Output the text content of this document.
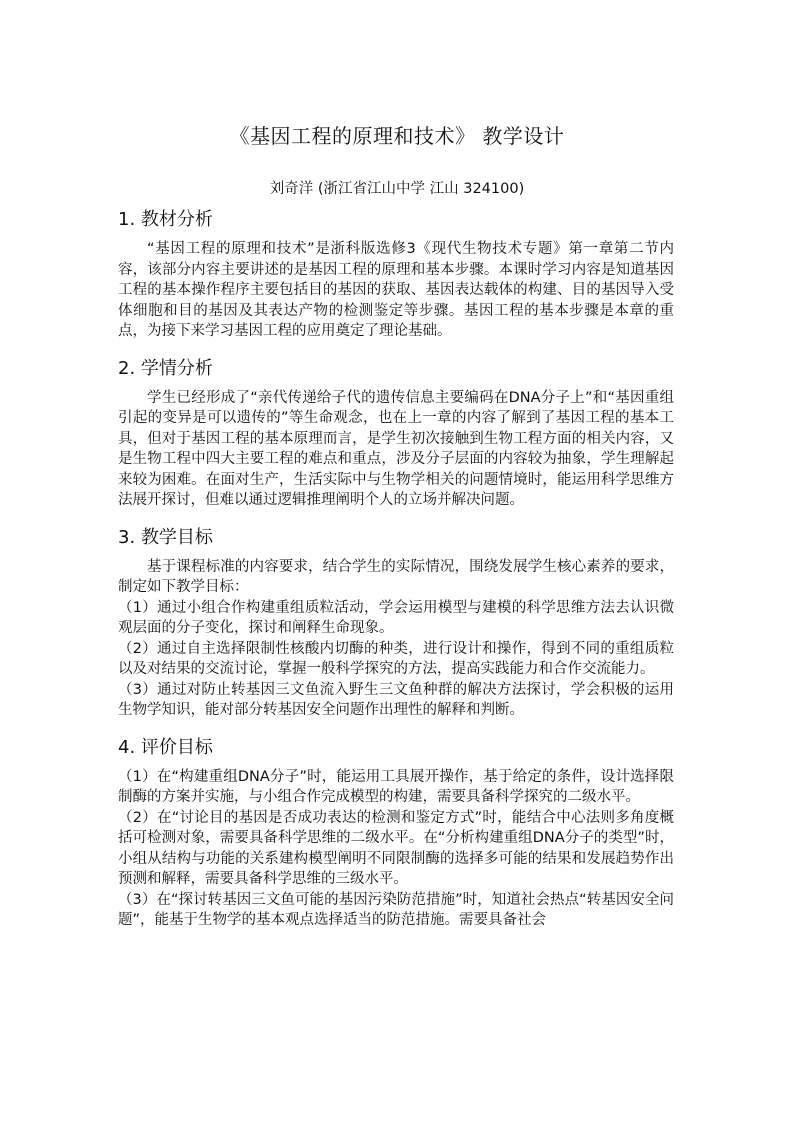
《基因工程的原理和技术》 教学设计
刘奇洋 (浙江省江山中学 江山 324100)
1. 教材分析

“基因工程的原理和技术”是浙科版选修3《现代生物技术专题》第一章第二节内容，该部分内容主要讲述的是基因工程的原理和基本步骤。本课时学习内容是知道基因工程的基本操作程序主要包括目的基因的获取、基因表达载体的构建、目的基因导入受体细胞和目的基因及其表达产物的检测鉴定等步骤。基因工程的基本步骤是本章的重点，为接下来学习基因工程的应用奠定了理论基础。

2. 学情分析

学生已经形成了“亲代传递给子代的遗传信息主要编码在DNA分子上”和“基因重组引起的变异是可以遗传的”等生命观念，也在上一章的内容了解到了基因工程的基本工具，但对于基因工程的基本原理而言，是学生初次接触到生物工程方面的相关内容，又是生物工程中四大主要工程的难点和重点，涉及分子层面的内容较为抽象，学生理解起来较为困难。在面对生产，生活实际中与生物学相关的问题情境时，能运用科学思维方法展开探讨，但难以通过逻辑推理阐明个人的立场并解决问题。

3. 教学目标

基于课程标准的内容要求，结合学生的实际情况，围绕发展学生核心素养的要求，制定如下教学目标：

（1）通过小组合作构建重组质粒活动，学会运用模型与建模的科学思维方法去认识微观层面的分子变化，探讨和阐释生命现象。

（2）通过自主选择限制性核酸内切酶的种类，进行设计和操作，得到不同的重组质粒以及对结果的交流讨论，掌握一般科学探究的方法，提高实践能力和合作交流能力。

（3）通过对防止转基因三文鱼流入野生三文鱼种群的解决方法探讨，学会积极的运用生物学知识，能对部分转基因安全问题作出理性的解释和判断。

4. 评价目标

（1）在“构建重组DNA分子”时，能运用工具展开操作，基于给定的条件，设计选择限制酶的方案并实施，与小组合作完成模型的构建，需要具备科学探究的二级水平。

（2）在“讨论目的基因是否成功表达的检测和鉴定方式”时，能结合中心法则多角度概括可检测对象，需要具备科学思维的二级水平。在“分析构建重组DNA分子的类型”时，小组从结构与功能的关系建构模型阐明不同限制酶的选择多可能的结果和发展趋势作出预测和解释，需要具备科学思维的三级水平。

（3）在“探讨转基因三文鱼可能的基因污染防范措施”时，知道社会热点“转基因安全问题”，能基于生物学的基本观点选择适当的防范措施。需要具备社会
